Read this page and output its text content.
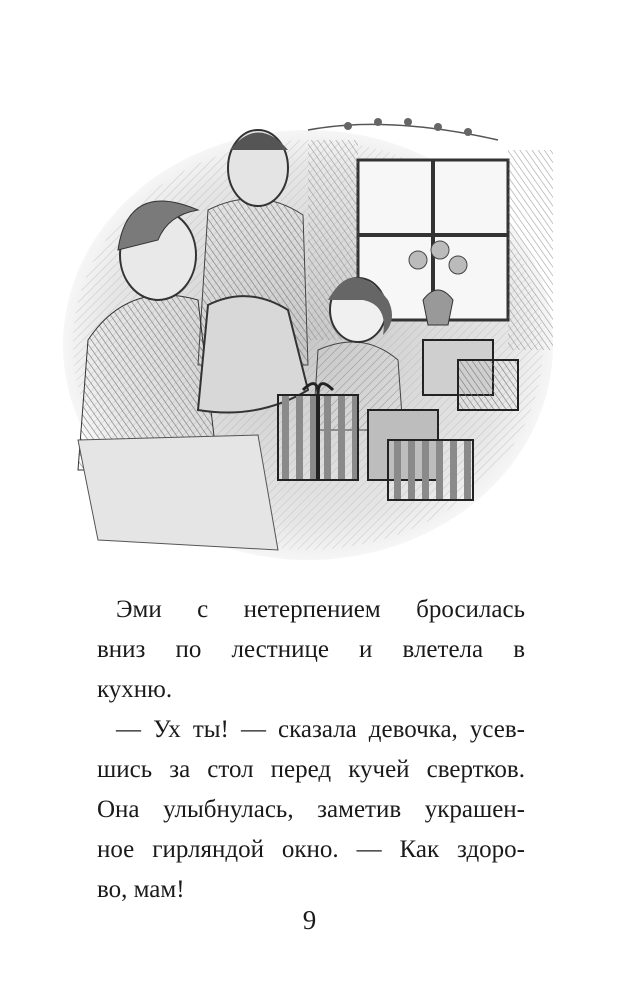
Эми с нетерпением бросилась
вниз по лестнице и влетела в
кухню.
— Ух ты! — сказала девочка, усев-
шись за стол перед кучей свертков.
Она улыбнулась, заметив украшен-
ное гирляндой окно. — Как здоро-
во, мам!
9
